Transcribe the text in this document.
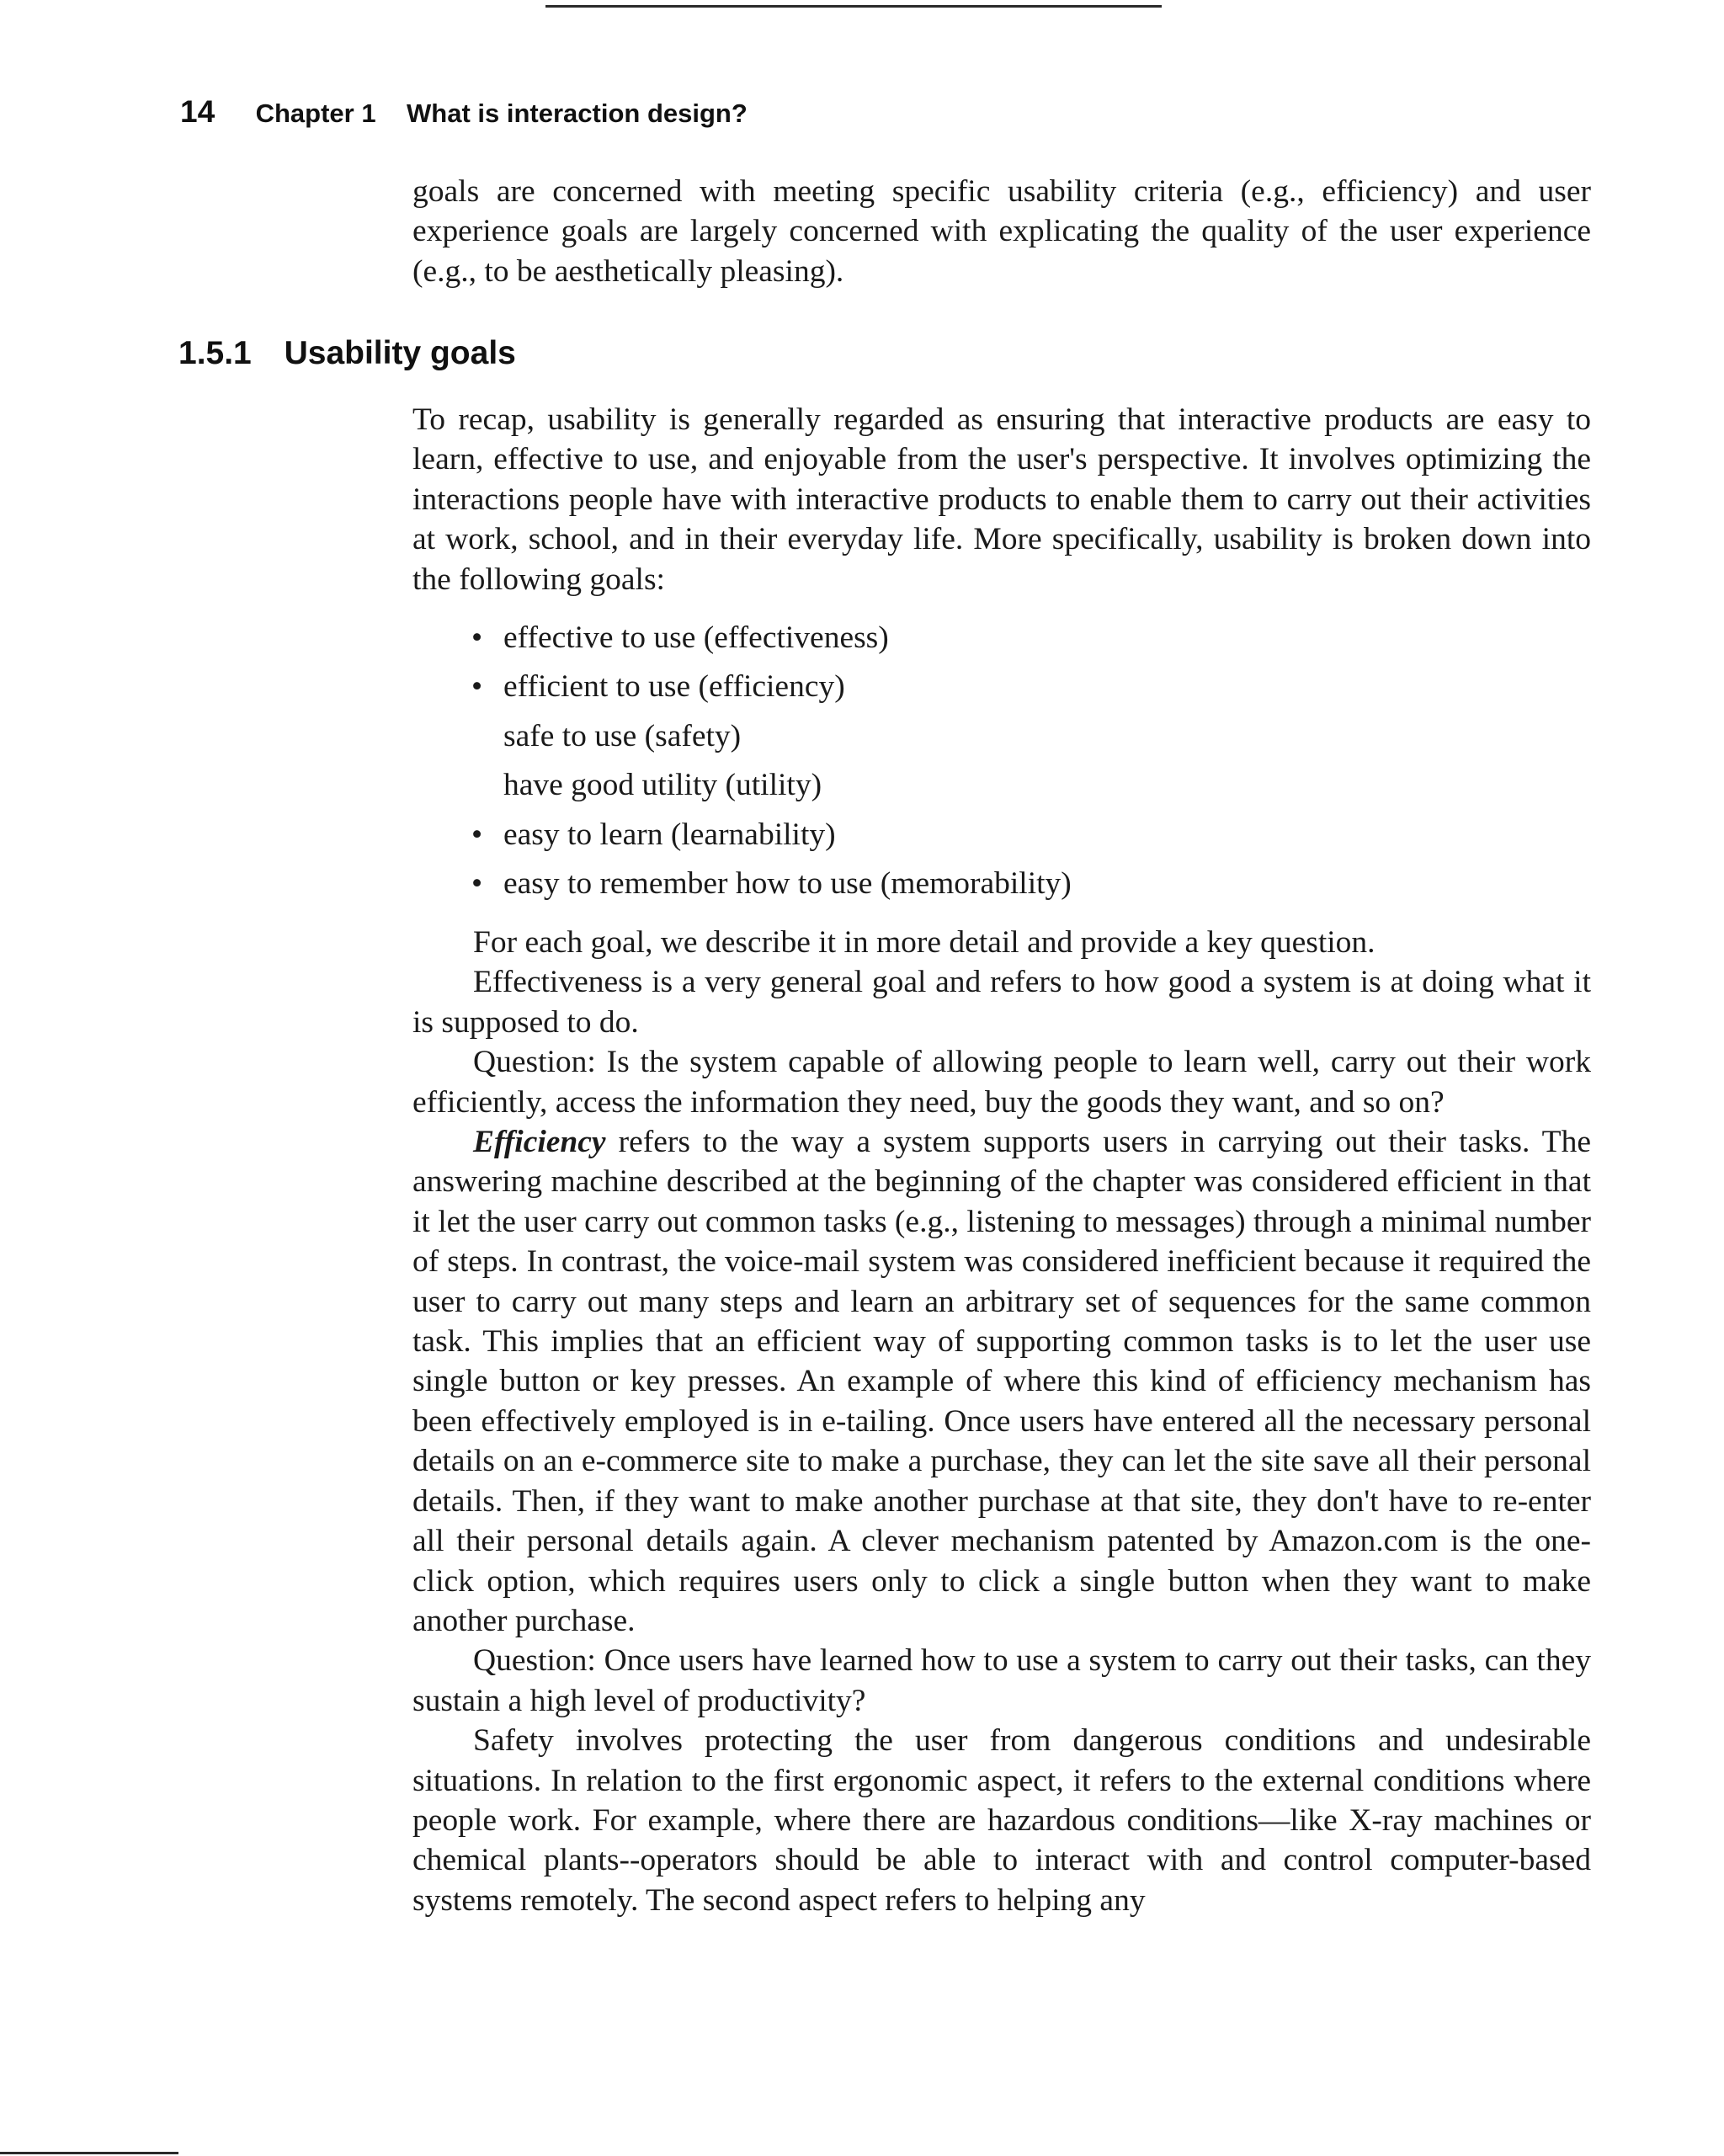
14 Chapter 1 What is interaction design?

goals are concerned with meeting specific usability criteria (e.g., efficiency) and user experience goals are largely concerned with explicating the quality of the user experience (e.g., to be aesthetically pleasing).

1.5.1 Usability goals

To recap, usability is generally regarded as ensuring that interactive products are easy to learn, effective to use, and enjoyable from the user's perspective. It involves optimizing the interactions people have with interactive products to enable them to carry out their activities at work, school, and in their everyday life. More specifically, usability is broken down into the following goals:

• effective to use (effectiveness)
• efficient to use (efficiency)
safe to use (safety)
have good utility (utility)
• easy to learn (learnability)
• easy to remember how to use (memorability)

For each goal, we describe it in more detail and provide a key question.

Effectiveness is a very general goal and refers to how good a system is at doing what it is supposed to do.

Question: Is the system capable of allowing people to learn well, carry out their work efficiently, access the information they need, buy the goods they want, and so on?

Efficiency refers to the way a system supports users in carrying out their tasks. The answering machine described at the beginning of the chapter was considered efficient in that it let the user carry out common tasks (e.g., listening to messages) through a minimal number of steps. In contrast, the voice-mail system was considered inefficient because it required the user to carry out many steps and learn an arbitrary set of sequences for the same common task. This implies that an efficient way of supporting common tasks is to let the user use single button or key presses. An example of where this kind of efficiency mechanism has been effectively employed is in e-tailing. Once users have entered all the necessary personal details on an e-commerce site to make a purchase, they can let the site save all their personal details. Then, if they want to make another purchase at that site, they don't have to re-enter all their personal details again. A clever mechanism patented by Amazon.com is the one-click option, which requires users only to click a single button when they want to make another purchase.

Question: Once users have learned how to use a system to carry out their tasks, can they sustain a high level of productivity?

Safety involves protecting the user from dangerous conditions and undesirable situations. In relation to the first ergonomic aspect, it refers to the external conditions where people work. For example, where there are hazardous conditions—like X-ray machines or chemical plants--operators should be able to interact with and control computer-based systems remotely. The second aspect refers to helping any
